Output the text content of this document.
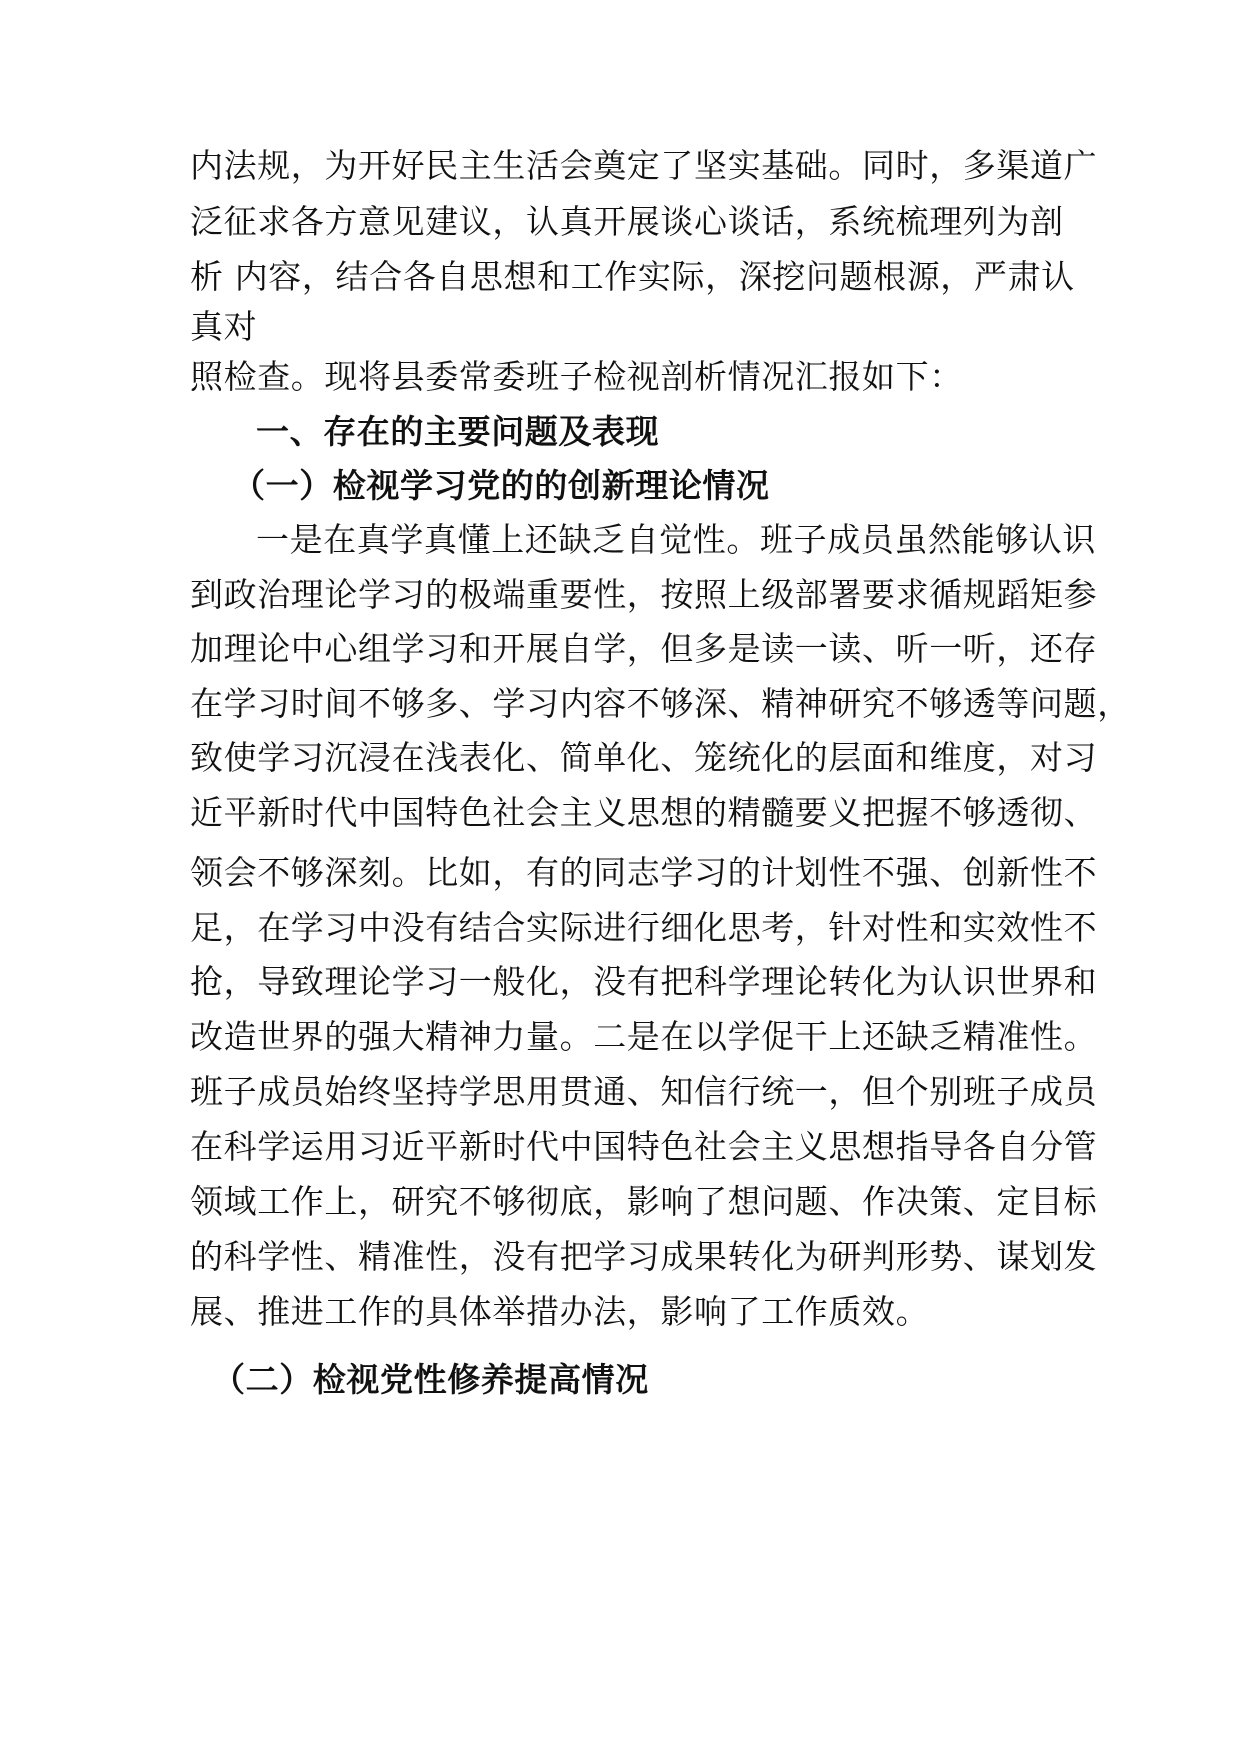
内法规，为开好民主生活会奠定了坚实基础。同时，多渠道广

泛征求各方意见建议，认真开展谈心谈话，系统梳理列为剖

析 内容，结合各自思想和工作实际，深挖问题根源，严肃认

真对

照检查。现将县委常委班子检视剖析情况汇报如下：

一、存在的主要问题及表现

（一）检视学习党的的创新理论情况

一是在真学真懂上还缺乏自觉性。班子成员虽然能够认识

到政治理论学习的极端重要性，按照上级部署要求循规蹈矩参

加理论中心组学习和开展自学，但多是读一读、听一听，还存

在学习时间不够多、学习内容不够深、精神研究不够透等问题，

致使学习沉浸在浅表化、简单化、笼统化的层面和维度，对习

近平新时代中国特色社会主义思想的精髓要义把握不够透彻、

领会不够深刻。比如，有的同志学习的计划性不强、创新性不

足，在学习中没有结合实际进行细化思考，针对性和实效性不

抢，导致理论学习一般化，没有把科学理论转化为认识世界和

改造世界的强大精神力量。二是在以学促干上还缺乏精准性。

班子成员始终坚持学思用贯通、知信行统一，但个别班子成员

在科学运用习近平新时代中国特色社会主义思想指导各自分管

领域工作上，研究不够彻底，影响了想问题、作决策、定目标

的科学性、精准性，没有把学习成果转化为研判形势、谋划发

展、推进工作的具体举措办法，影响了工作质效。

（二）检视党性修养提高情况
